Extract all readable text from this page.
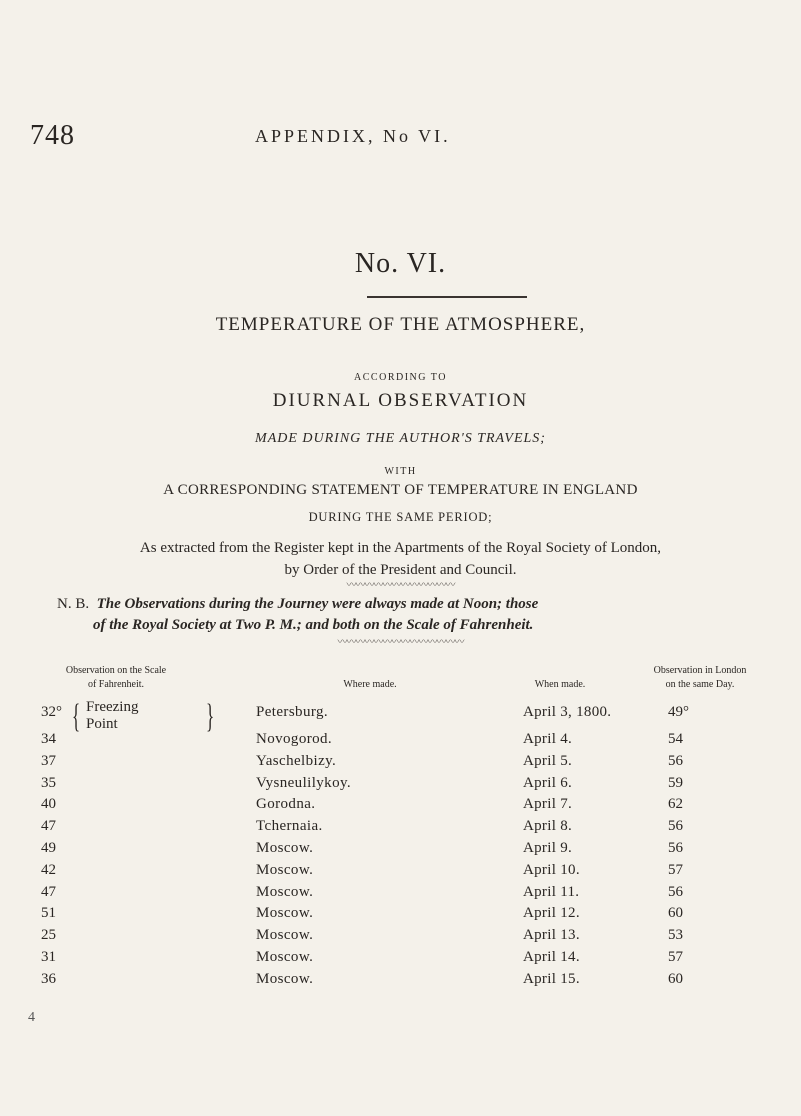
748	APPENDIX, No VI.
No. VI.
TEMPERATURE OF THE ATMOSPHERE,
ACCORDING TO
DIURNAL OBSERVATION
MADE DURING THE AUTHOR'S TRAVELS;
WITH
A CORRESPONDING STATEMENT OF TEMPERATURE IN ENGLAND
DURING THE SAME PERIOD;
As extracted from the Register kept in the Apartments of the Royal Society of London,
by Order of the President and Council.
〰〰〰〰〰〰〰〰〰〰〰〰
N. B. The Observations during the Journey were always made at Noon; those
of the Royal Society at Two P. M.; and both on the Scale of Fahrenheit.
〰〰〰〰〰〰〰〰〰〰〰〰〰〰
Observation on the Scale
of Fahrenheit.	Where made.	When made.
Observation in London
on the same Day.
32°	Petersburg.	April 3, 1800.	49°
{ Freezing
Point	}
34	Novogorod.	April 4.	54
37	Yaschelbizy.	April 5.	56
35	Vysneulilykoy.	April 6.	59
40	Gorodna.	April 7.	62
47	Tchernaia.	April 8.	56
49	Moscow.	April 9.	56
42	Moscow.	April 10.	57
47	Moscow.	April 11.	56
51	Moscow.	April 12.	60
25	Moscow.	April 13.	53
31	Moscow.	April 14.	57
36	Moscow.	April 15.	60
4
